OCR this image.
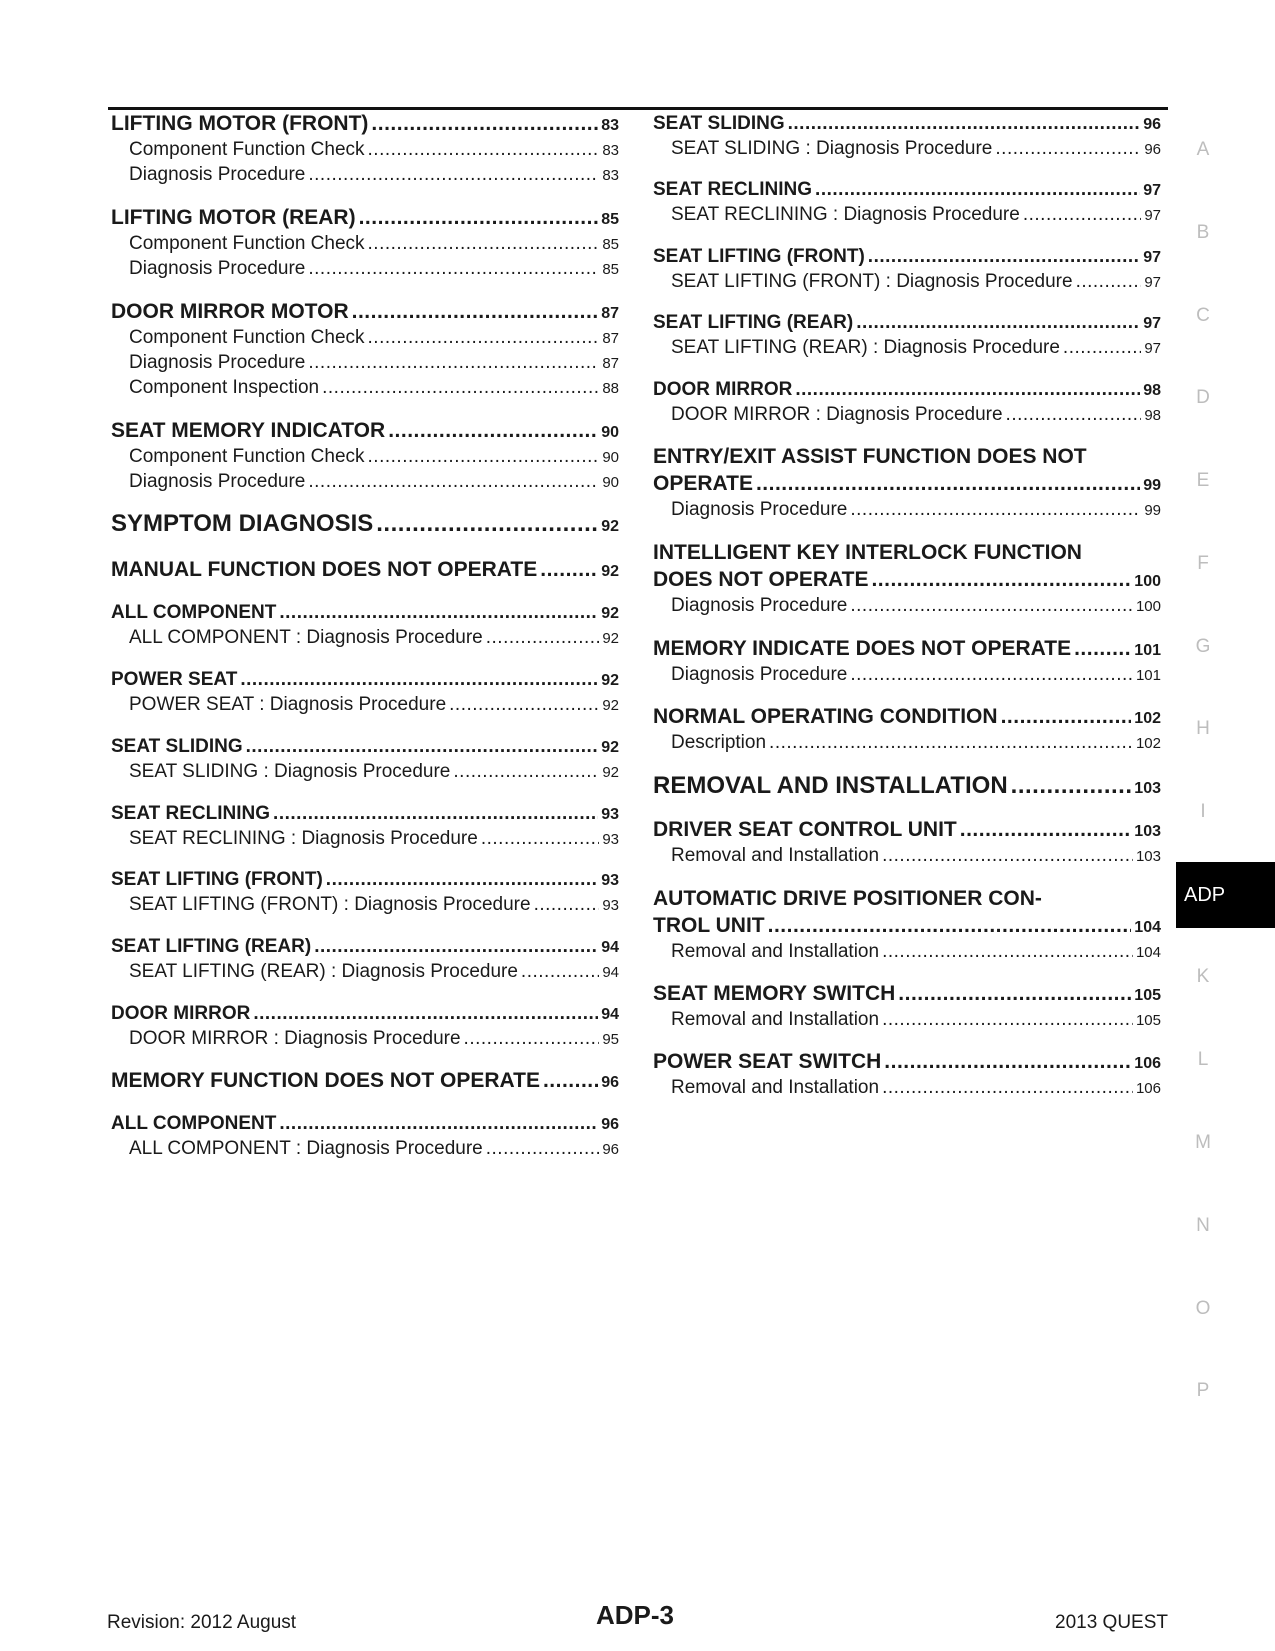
LIFTING MOTOR (FRONT) .....	83
Component Function Check .....	83
Diagnosis Procedure .....	83
LIFTING MOTOR (REAR) .....	85
Component Function Check .....	85
Diagnosis Procedure .....	85
DOOR MIRROR MOTOR .....	87
Component Function Check .....	87
Diagnosis Procedure .....	87
Component Inspection .....	88
SEAT MEMORY INDICATOR .....	90
Component Function Check .....	90
Diagnosis Procedure .....	90
SYMPTOM DIAGNOSIS .....	92
MANUAL FUNCTION DOES NOT OPERATE .....	92
ALL COMPONENT .....	92
ALL COMPONENT : Diagnosis Procedure .....	92
POWER SEAT .....	92
POWER SEAT : Diagnosis Procedure .....	92
SEAT SLIDING .....	92
SEAT SLIDING : Diagnosis Procedure .....	92
SEAT RECLINING .....	93
SEAT RECLINING : Diagnosis Procedure .....	93
SEAT LIFTING (FRONT) .....	93
SEAT LIFTING (FRONT) : Diagnosis Procedure .....	93
SEAT LIFTING (REAR) .....	94
SEAT LIFTING (REAR) : Diagnosis Procedure .....	94
DOOR MIRROR .....	94
DOOR MIRROR : Diagnosis Procedure .....	95
MEMORY FUNCTION DOES NOT OPERATE .....	96
ALL COMPONENT .....	96
ALL COMPONENT : Diagnosis Procedure .....	96
SEAT SLIDING .....	96
SEAT SLIDING : Diagnosis Procedure .....	96
SEAT RECLINING .....	97
SEAT RECLINING : Diagnosis Procedure .....	97
SEAT LIFTING (FRONT) .....	97
SEAT LIFTING (FRONT) : Diagnosis Procedure .....	97
SEAT LIFTING (REAR) .....	97
SEAT LIFTING (REAR) : Diagnosis Procedure .....	97
DOOR MIRROR .....	98
DOOR MIRROR : Diagnosis Procedure .....	98
ENTRY/EXIT ASSIST FUNCTION DOES NOT
OPERATE .....	99
Diagnosis Procedure .....	99
INTELLIGENT KEY INTERLOCK FUNCTION
DOES NOT OPERATE .....	100
Diagnosis Procedure .....	100
MEMORY INDICATE DOES NOT OPERATE .....	101
Diagnosis Procedure .....	101
NORMAL OPERATING CONDITION .....	102
Description .....	102
REMOVAL AND INSTALLATION .....	103
DRIVER SEAT CONTROL UNIT .....	103
Removal and Installation .....	103
AUTOMATIC DRIVE POSITIONER CON-
TROL UNIT .....	104
Removal and Installation .....	104
SEAT MEMORY SWITCH .....	105
Removal and Installation .....	105
POWER SEAT SWITCH .....	106
Removal and Installation .....	106
A
B
C
D
E
F
G
H
I
ADP
K
L
M
N
O
P
Revision: 2012 August	ADP-3	2013 QUEST
